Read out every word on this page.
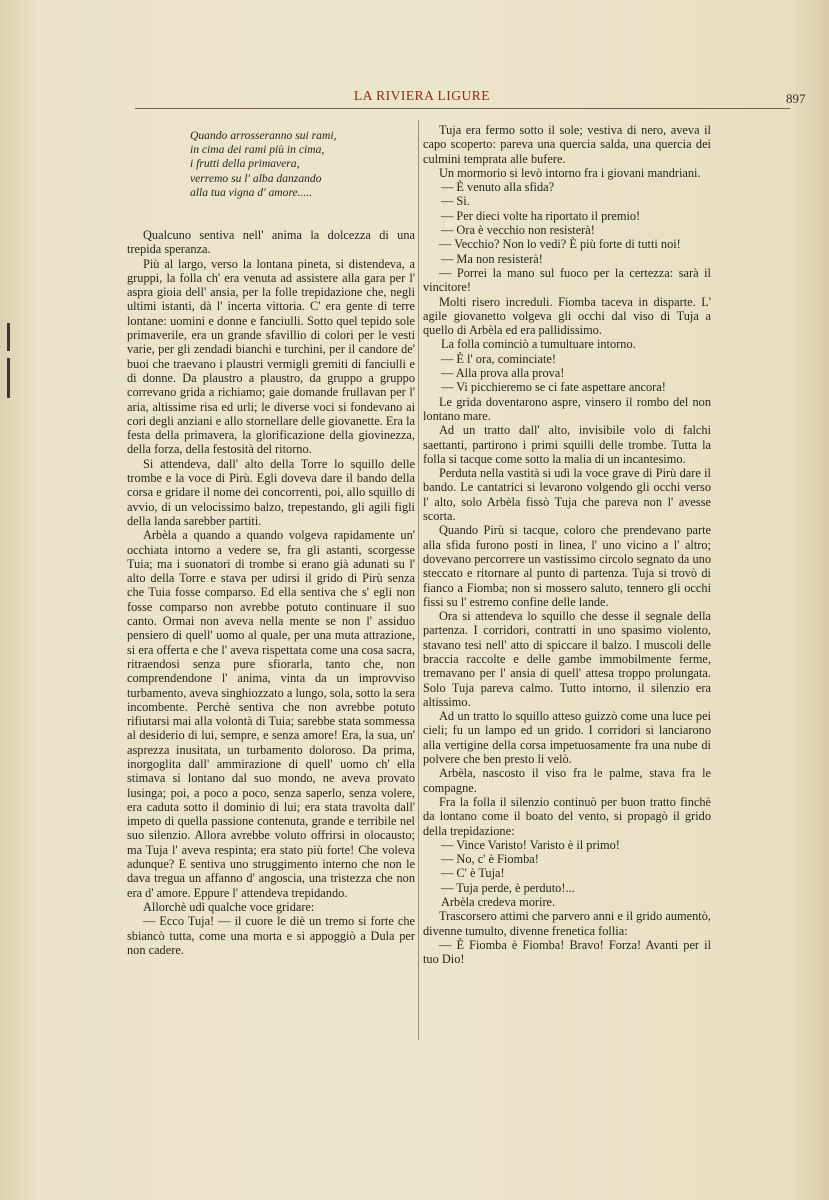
LA RIVIERA LIGURE	897
Quando arrosseranno sui rami,
in cima dei rami più in cima,
i frutti della primavera,
verremo su l' alba danzando
alla tua vigna d' amore.....

Qualcuno sentiva nell' anima la dolcezza di una trepida speranza.

Più al largo, verso la lontana pineta, si distendeva, a gruppi, la folla ch' era venuta ad assistere alla gara per l' aspra gioia dell' ansia, per la folle trepidazione che, negli ultimi istanti, dà l' incerta vittoria. C' era gente di terre lontane: uomini e donne e fanciulli. Sotto quel tepido sole primaverile, era un grande sfavillio di colori per le vesti varie, per gli zendadi bianchi e turchini, per il candore de' buoi che traevano i plaustri vermigli gremiti di fanciulli e di donne. Da plaustro a plaustro, da gruppo a gruppo correvano grida a richiamo; gaie domande frullavan per l' aria, altissime risa ed urli; le diverse voci si fondevano ai cori degli anziani e allo stornellare delle giovanette. Era la festa della primavera, la glorificazione della giovinezza, della forza, della festosità del ritorno.

Si attendeva, dall' alto della Torre lo squillo delle trombe e la voce di Pirù. Egli doveva dare il bando della corsa e gridare il nome dei concorrenti, poi, allo squillo di avvio, di un velocissimo balzo, trepestando, gli agili figli della landa sarebber partiti.

Arbèla a quando a quando volgeva rapidamente un' occhiata intorno a vedere se, fra gli astanti, scorgesse Tuia; ma i suonatori di trombe si erano già adunati su l' alto della Torre e stava per udirsi il grido di Pirù senza che Tuia fosse comparso. Ed ella sentiva che s' egli non fosse comparso non avrebbe potuto continuare il suo canto. Ormai non aveva nella mente se non l' assiduo pensiero di quell' uomo al quale, per una muta attrazione, si era offerta e che l' aveva rispettata come una cosa sacra, ritraendosi senza pure sfiorarla, tanto che, non comprendendone l' anima, vinta da un improvviso turbamento, aveva singhiozzato a lungo, sola, sotto la sera incombente. Perchè sentiva che non avrebbe potuto rifiutarsi mai alla volontà di Tuia; sarebbe stata sommessa al desiderio di lui, sempre, e senza amore! Era, la sua, un' asprezza inusitata, un turbamento doloroso. Da prima, inorgoglita dall' ammirazione di quell' uomo ch' ella stimava si lontano dal suo mondo, ne aveva provato lusinga; poi, a poco a poco, senza saperlo, senza volere, era caduta sotto il dominio di lui; era stata travolta dall' impeto di quella passione contenuta, grande e terribile nel suo silenzio. Allora avrebbe voluto offrirsi in olocausto; ma Tuja l' aveva respinta; era stato più forte! Che voleva adunque? E sentiva uno struggimento interno che non le dava tregua un affanno d' angoscia, una tristezza che non era d' amore. Eppure l' attendeva trepidando.

Allorchè udì qualche voce gridare:

— Ecco Tuja! — il cuore le diè un tremo si forte che sbiancò tutta, come una morta e si appoggiò a Dula per non cadere.

Tuja era fermo sotto il sole; vestiva di nero, aveva il capo scoperto: pareva una quercia salda, una quercia dei culmini temprata alle bufere.

Un mormorio si levò intorno fra i giovani mandriani.

— È venuto alla sfida?

— Sì.

— Per dieci volte ha riportato il premio!

— Ora è vecchio non resisterà!

— Vecchio? Non lo vedi? È più forte di tutti noi!

— Ma non resisterà!

— Porrei la mano sul fuoco per la certezza: sarà il vincitore!

Molti risero increduli. Fiomba taceva in disparte. L' agile giovanetto volgeva gli occhi dal viso di Tuja a quello di Arbèla ed era pallidissimo.

La folla cominciò a tumultuare intorno.

— È l' ora, cominciate!

— Alla prova alla prova!

— Vi picchieremo se ci fate aspettare ancora!

Le grida doventarono aspre, vinsero il rombo del non lontano mare.

Ad un tratto dall' alto, invisibile volo di falchi saettanti, partirono i primi squilli delle trombe. Tutta la folla si tacque come sotto la malia di un incantesimo.

Perduta nella vastità si udì la voce grave di Pirù dare il bando. Le cantatrici si levarono volgendo gli occhi verso l' alto, solo Arbèla fissò Tuja che pareva non l' avesse scorta.

Quando Pirù si tacque, coloro che prendevano parte alla sfida furono posti in linea, l' uno vicino a l' altro; dovevano percorrere un vastissimo circolo segnato da uno steccato e ritornare al punto di partenza. Tuja si trovò di fianco a Fiomba; non si mossero saluto, tennero gli occhi fissi su l' estremo confine delle lande.

Ora si attendeva lo squillo che desse il segnale della partenza. I corridori, contratti in uno spasimo violento, stavano tesi nell' atto di spiccare il balzo. I muscoli delle braccia raccolte e delle gambe immobilmente ferme, tremavano per l' ansia di quell' attesa troppo prolungata. Solo Tuja pareva calmo. Tutto intorno, il silenzio era altissimo.

Ad un tratto lo squillo atteso guizzò come una luce pei cieli; fu un lampo ed un grido. I corridori si lanciarono alla vertigine della corsa impetuosamente fra una nube di polvere che ben presto li velò.

Arbèla, nascosto il viso fra le palme, stava fra le compagne.

Fra la folla il silenzio continuò per buon tratto finchè da lontano come il boato del vento, si propagò il grido della trepidazione:

— Vince Varisto! Varisto è il primo!

— No, c' è Fiomba!

— C' è Tuja!

— Tuja perde, è perduto!...

Arbèla credeva morire.

Trascorsero attimi che parvero anni e il grido aumentò, divenne tumulto, divenne frenetica follia:

— È Fiomba è Fiomba! Bravo! Forza! Avanti per il tuo Dio!
